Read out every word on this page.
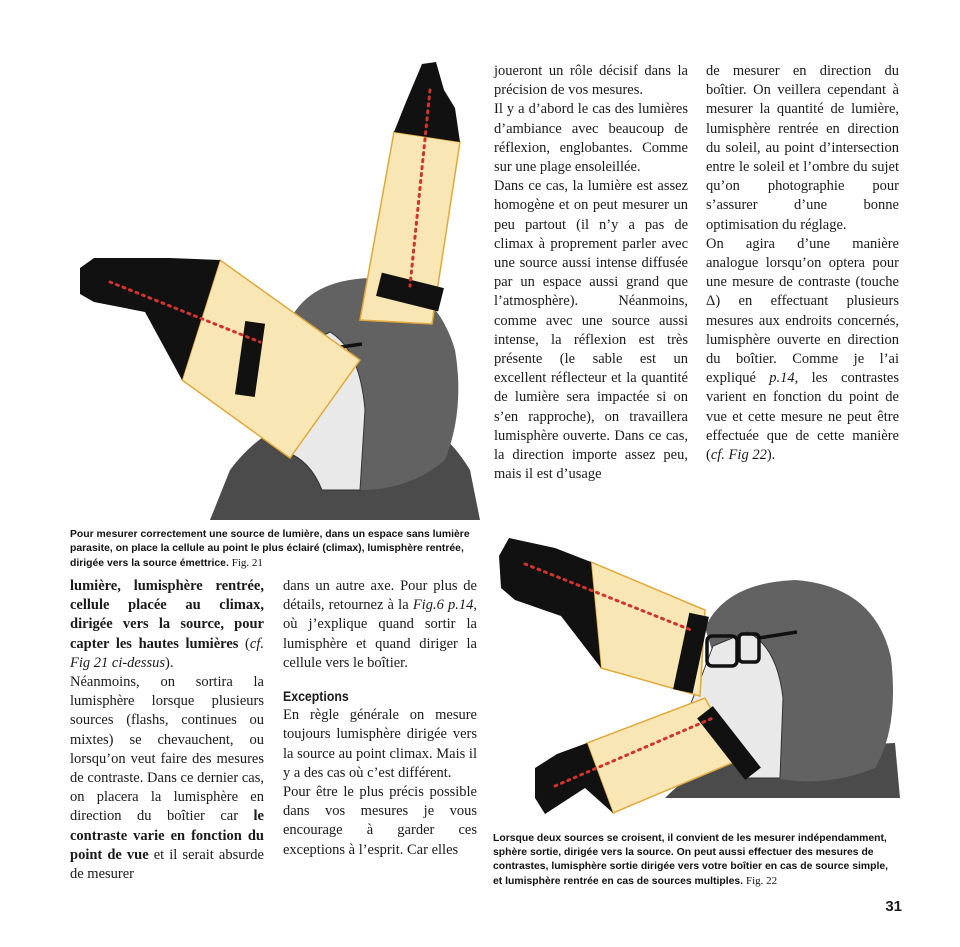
Pour mesurer correctement une source de lumière, dans un espace sans lumière parasite, on place la cellule au point le plus éclairé (climax), lumisphère rentrée, dirigée vers la source émettrice. Fig. 21

joueront un rôle décisif dans la précision de vos mesures.

Il y a d’abord le cas des lumières d’ambiance avec beaucoup de réflexion, englobantes. Comme sur une plage ensoleillée.

Dans ce cas, la lumière est assez homogène et on peut mesurer un peu partout (il n’y a pas de climax à proprement parler avec une source aussi intense diffusée par un espace aussi grand que l’atmosphère). Néanmoins, comme avec une source aussi intense, la réflexion est très présente (le sable est un excellent réflecteur et la quantité de lumière sera impactée si on s’en rapproche), on travaillera lumisphère ouverte. Dans ce cas, la direction importe assez peu, mais il est d’usage

de mesurer en direction du boîtier. On veillera cependant à mesurer la quantité de lumière, lumisphère rentrée en direction du soleil, au point d’intersection entre le soleil et l’ombre du sujet qu’on photographie pour s’assurer d’une bonne optimisation du réglage.

On agira d’une manière analogue lorsqu’on optera pour une mesure de contraste (touche Δ) en effectuant plusieurs mesures aux endroits concernés, lumisphère ouverte en direction du boîtier. Comme je l’ai expliqué p.14, les contrastes varient en fonction du point de vue et cette mesure ne peut être effectuée que de cette manière (cf. Fig 22).

lumière, lumisphère rentrée, cellule placée au climax, dirigée vers la source, pour capter les hautes lumières (cf. Fig 21 ci-dessus).

Néanmoins, on sortira la lumisphère lorsque plusieurs sources (flashs, continues ou mixtes) se chevauchent, ou lorsqu’on veut faire des mesures de contraste. Dans ce dernier cas, on placera la lumisphère en direction du boîtier car le contraste varie en fonction du point de vue et il serait absurde de mesurer

dans un autre axe. Pour plus de détails, retournez à la Fig.6 p.14, où j’explique quand sortir la lumisphère et quand diriger la cellule vers le boîtier.

Exceptions

En règle générale on mesure toujours lumisphère dirigée vers la source au point climax. Mais il y a des cas où c’est différent.

Pour être le plus précis possible dans vos mesures je vous encourage à garder ces exceptions à l’esprit. Car elles

Lorsque deux sources se croisent, il convient de les mesurer indépendamment, sphère sortie, dirigée vers la source. On peut aussi effectuer des mesures de contrastes, lumisphère sortie dirigée vers votre boîtier en cas de source simple, et lumisphère rentrée en cas de sources multiples. Fig. 22
31
